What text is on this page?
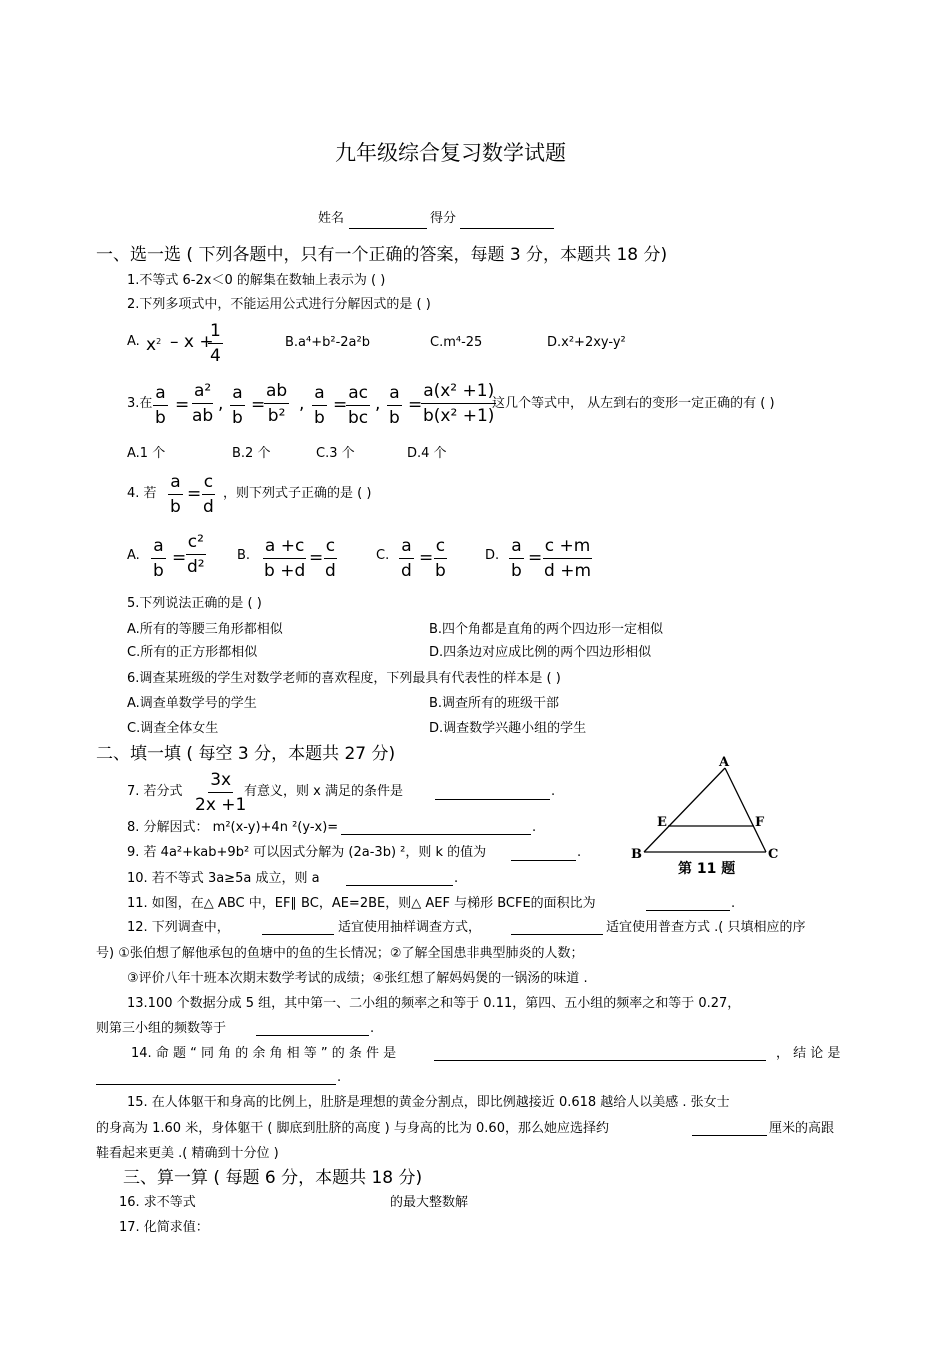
九年级综合复习数学试题
姓名	得分
一、选一选 ( 下列各题中，只有一个正确的答案，每题 3 分，本题共 18 分)
1.不等式 6-2x＜0 的解集在数轴上表示为 ( )
2.下列多项式中，不能运用公式进行分解因式的是 ( )
A. $x^2$ – x +
$\frac{1}{4}$	B.a⁴+b²-2a²b	C.m⁴-25	D.x²+2xy-y²
3.在 $\frac{a}{b} = \frac{\text{a²}}{ab}$ , $\frac{a}{b}$ =
$\frac{ab}{\text{b²}}$ , $\frac{a}{b}$ =
$\frac{ac}{bc}$ , $\frac{a}{b}$ =
$\frac{\text{a(x² +1)}}{\text{b(x² +1)}}$
这几个等式中， 从左到右的变形一定正确的有 ( )
A.1 个	B.2 个	C.3 个	D.4 个
4. 若 $\frac{a}{b} = \frac{c}{d}$ ，则下列式子正确的是 ( )
A. $\frac{a}{b}$ =
$\frac{\text{c²}}{\text{d²}} B$. $\frac{a +c}{b +d} = \frac{c}{d}$	C. $\frac{a}{d} = \frac{c}{b}$	D. $\frac{a}{b} = \frac{c +m}{d +m}$
5.下列说法正确的是 ( )
A.所有的等腰三角形都相似	B.四个角都是直角的两个四边形一定相似
C.所有的正方形都相似	D.四条边对应成比例的两个四边形相似
6.调查某班级的学生对数学老师的喜欢程度，下列最具有代表性的样本是 ( )
A.调查单数学号的学生	B.调查所有的班级干部
C.调查全体女生	D.调查数学兴趣小组的学生
二、填一填 ( 每空 3 分，本题共 27 分)
7. 若分式 $\frac{3x}{2x +1}$
有意义，则 x 满足的条件是	.
8. 分解因式： m²(x-y)+4n ²(y-x)=	.
9. 若 4a²+kab+9b² 可以因式分解为 (2a-3b) ²，则 k 的值为	.
10. 若不等式 3a≥5a 成立，则 a	.
A
B	C
E	F
第 11 题
11. 如图，在△ ABC 中，EF∥ BC，AE=2BE，则△ AEF 与梯形 BCFE的面积比为	.
12. 下列调查中，	适宜使用抽样调查方式，	适宜使用普查方式 .( 只填相应的序
号) ①张伯想了解他承包的鱼塘中的鱼的生长情况；②了解全国患非典型肺炎的人数；
③评价八年十班本次期末数学考试的成绩；④张红想了解妈妈煲的一锅汤的味道 .
13.100 个数据分成 5 组，其中第一、二小组的频率之和等于 0.11，第四、五小组的频率之和等于 0.27，
则第三小组的频数等于	.
14. 命 题 “ 同 角 的 余 角 相 等 ” 的 条 件 是	， 结 论 是
.
15. 在人体躯干和身高的比例上，肚脐是理想的黄金分割点，即比例越接近 0.618 越给人以美感 . 张女士
的身高为 1.60 米，身体躯干 ( 脚底到肚脐的高度 ) 与身高的比为 0.60，那么她应选择约	厘米的高跟
鞋看起来更美 .( 精确到十分位 )
三、算一算 ( 每题 6 分，本题共 18 分)
16. 求不等式	的最大整数解
17. 化简求值：
